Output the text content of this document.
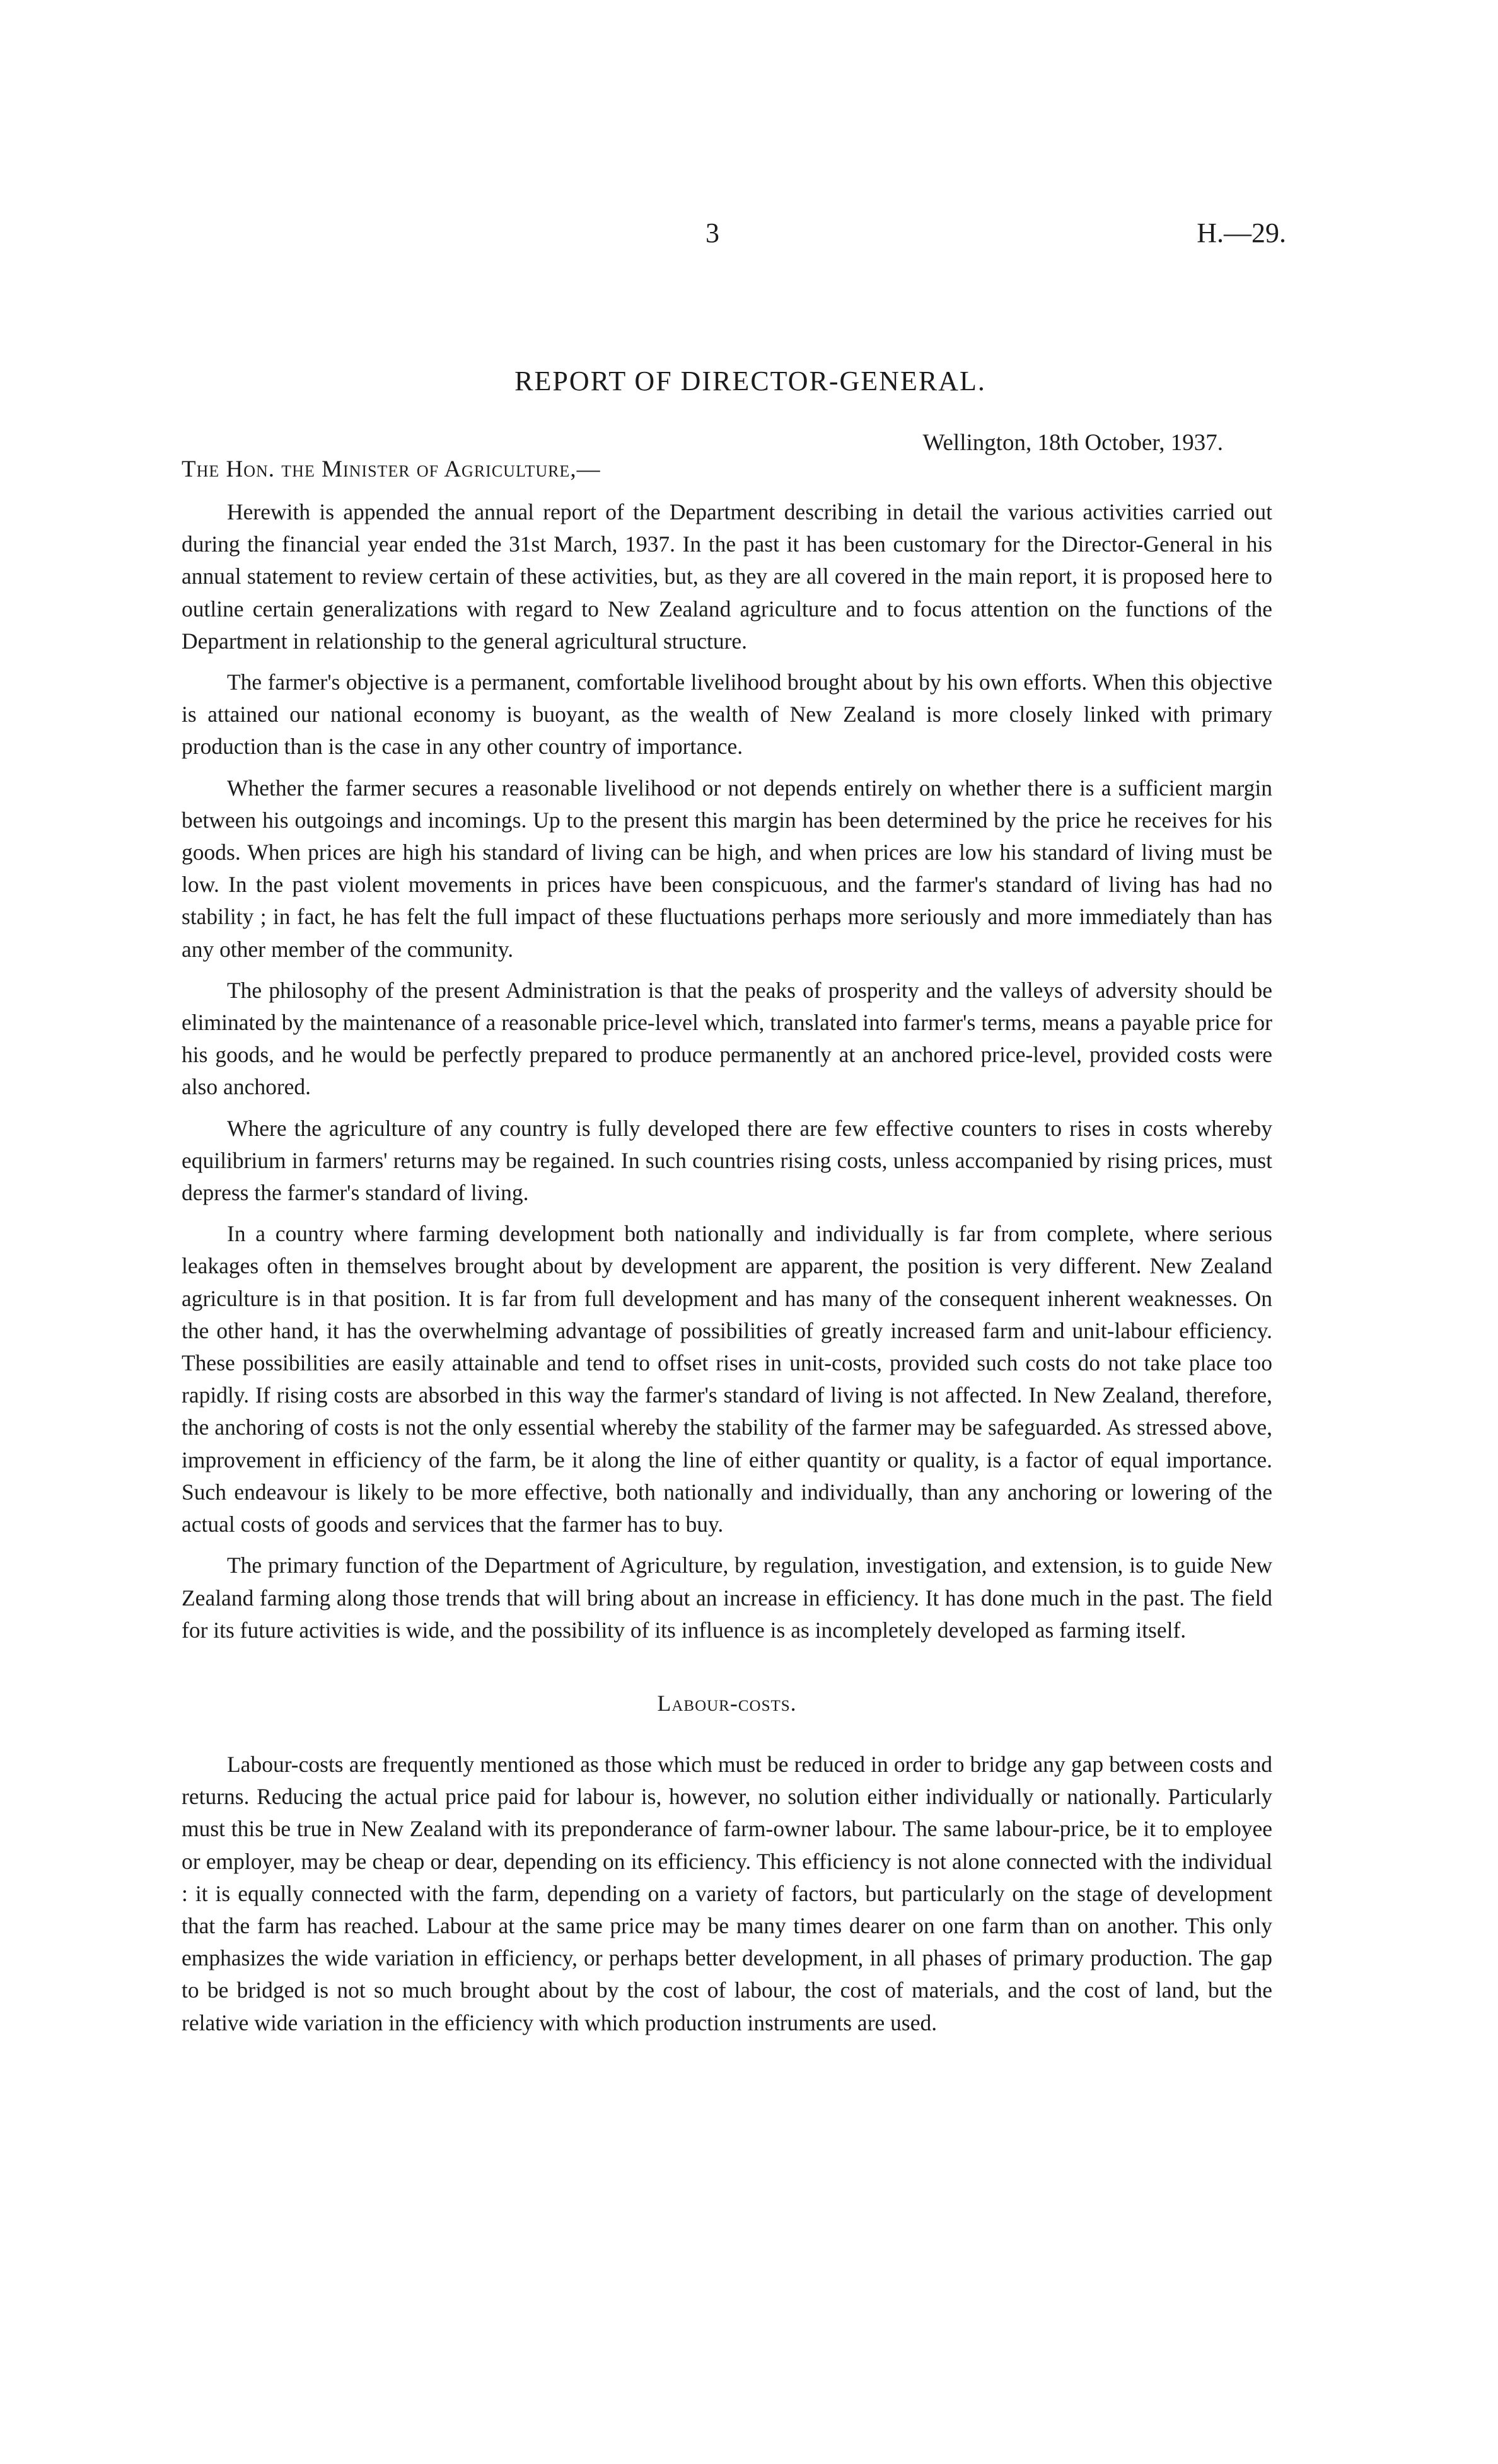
3	H.—29.
REPORT OF DIRECTOR-GENERAL.
Wellington, 18th October, 1937.
The Hon. the Minister of Agriculture,—

Herewith is appended the annual report of the Department describing in detail the various activities carried out during the financial year ended the 31st March, 1937. In the past it has been customary for the Director-General in his annual statement to review certain of these activities, but, as they are all covered in the main report, it is proposed here to outline certain generalizations with regard to New Zealand agriculture and to focus attention on the functions of the Department in relationship to the general agricultural structure.

The farmer's objective is a permanent, comfortable livelihood brought about by his own efforts. When this objective is attained our national economy is buoyant, as the wealth of New Zealand is more closely linked with primary production than is the case in any other country of importance.

Whether the farmer secures a reasonable livelihood or not depends entirely on whether there is a sufficient margin between his outgoings and incomings. Up to the present this margin has been determined by the price he receives for his goods. When prices are high his standard of living can be high, and when prices are low his standard of living must be low. In the past violent movements in prices have been conspicuous, and the farmer's standard of living has had no stability ; in fact, he has felt the full impact of these fluctuations perhaps more seriously and more immediately than has any other member of the community.

The philosophy of the present Administration is that the peaks of prosperity and the valleys of adversity should be eliminated by the maintenance of a reasonable price-level which, translated into farmer's terms, means a payable price for his goods, and he would be perfectly prepared to produce permanently at an anchored price-level, provided costs were also anchored.

Where the agriculture of any country is fully developed there are few effective counters to rises in costs whereby equilibrium in farmers' returns may be regained. In such countries rising costs, unless accompanied by rising prices, must depress the farmer's standard of living.

In a country where farming development both nationally and individually is far from complete, where serious leakages often in themselves brought about by development are apparent, the position is very different. New Zealand agriculture is in that position. It is far from full development and has many of the consequent inherent weaknesses. On the other hand, it has the overwhelming advantage of possibilities of greatly increased farm and unit-labour efficiency. These possibilities are easily attainable and tend to offset rises in unit-costs, provided such costs do not take place too rapidly. If rising costs are absorbed in this way the farmer's standard of living is not affected. In New Zealand, therefore, the anchoring of costs is not the only essential whereby the stability of the farmer may be safeguarded. As stressed above, improvement in efficiency of the farm, be it along the line of either quantity or quality, is a factor of equal importance. Such endeavour is likely to be more effective, both nationally and individually, than any anchoring or lowering of the actual costs of goods and services that the farmer has to buy.

The primary function of the Department of Agriculture, by regulation, investigation, and extension, is to guide New Zealand farming along those trends that will bring about an increase in efficiency. It has done much in the past. The field for its future activities is wide, and the possibility of its influence is as incompletely developed as farming itself.

Labour-costs.

Labour-costs are frequently mentioned as those which must be reduced in order to bridge any gap between costs and returns. Reducing the actual price paid for labour is, however, no solution either individually or nationally. Particularly must this be true in New Zealand with its preponderance of farm-owner labour. The same labour-price, be it to employee or employer, may be cheap or dear, depending on its efficiency. This efficiency is not alone connected with the individual : it is equally connected with the farm, depending on a variety of factors, but particularly on the stage of development that the farm has reached. Labour at the same price may be many times dearer on one farm than on another. This only emphasizes the wide variation in efficiency, or perhaps better development, in all phases of primary production. The gap to be bridged is not so much brought about by the cost of labour, the cost of materials, and the cost of land, but the relative wide variation in the efficiency with which production instruments are used.
